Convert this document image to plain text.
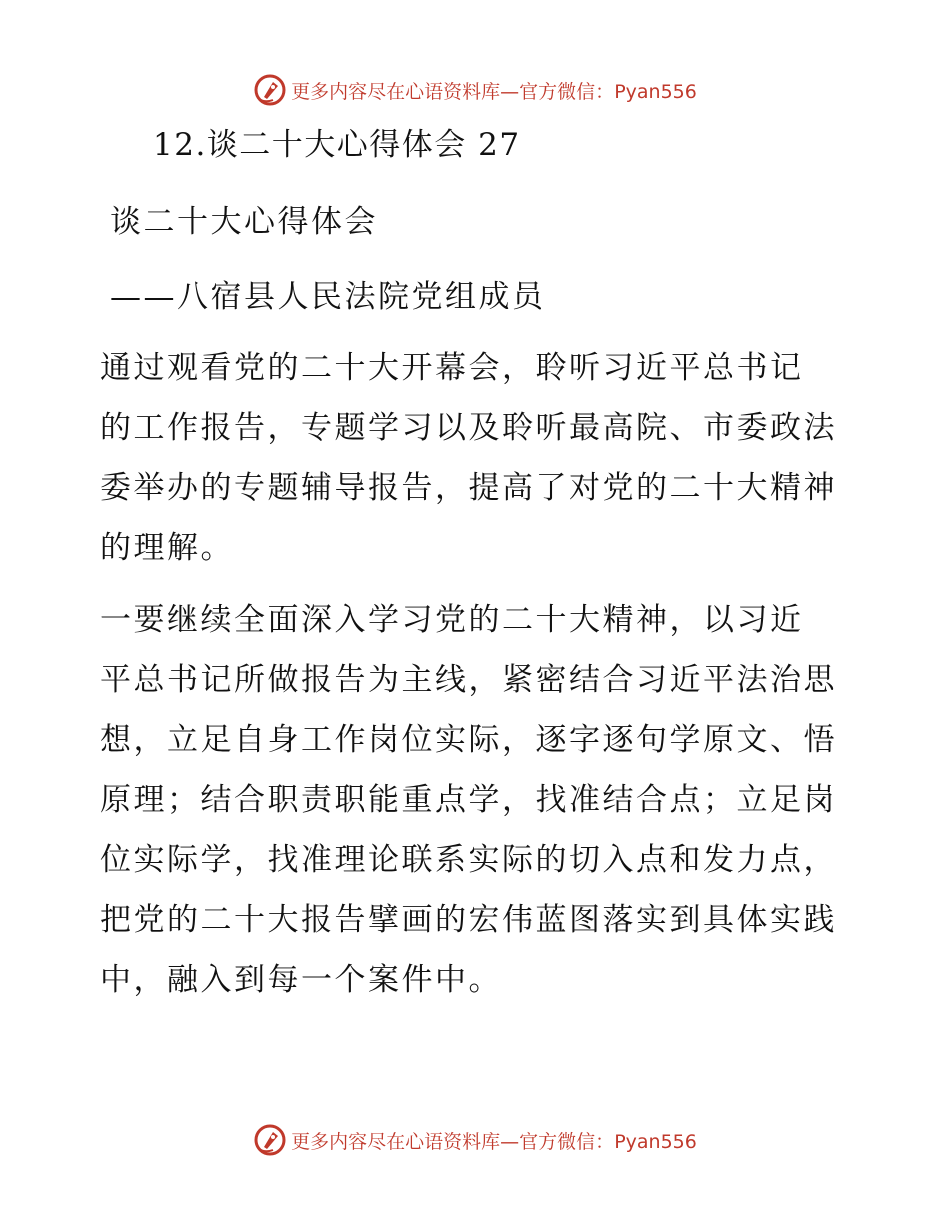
更多内容尽在心语资料库—官方微信：Pyan556
12.谈二十大心得体会 27
谈二十大心得体会
——八宿县人民法院党组成员
通过观看党的二十大开幕会，聆听习近平总书记
的工作报告，专题学习以及聆听最高院、市委政法
委举办的专题辅导报告，提高了对党的二十大精神
的理解。
一要继续全面深入学习党的二十大精神，以习近
平总书记所做报告为主线，紧密结合习近平法治思
想，立足自身工作岗位实际，逐字逐句学原文、悟
原理；结合职责职能重点学，找准结合点；立足岗
位实际学，找准理论联系实际的切入点和发力点，
把党的二十大报告擘画的宏伟蓝图落实到具体实践
中，融入到每一个案件中。
更多内容尽在心语资料库—官方微信：Pyan556
